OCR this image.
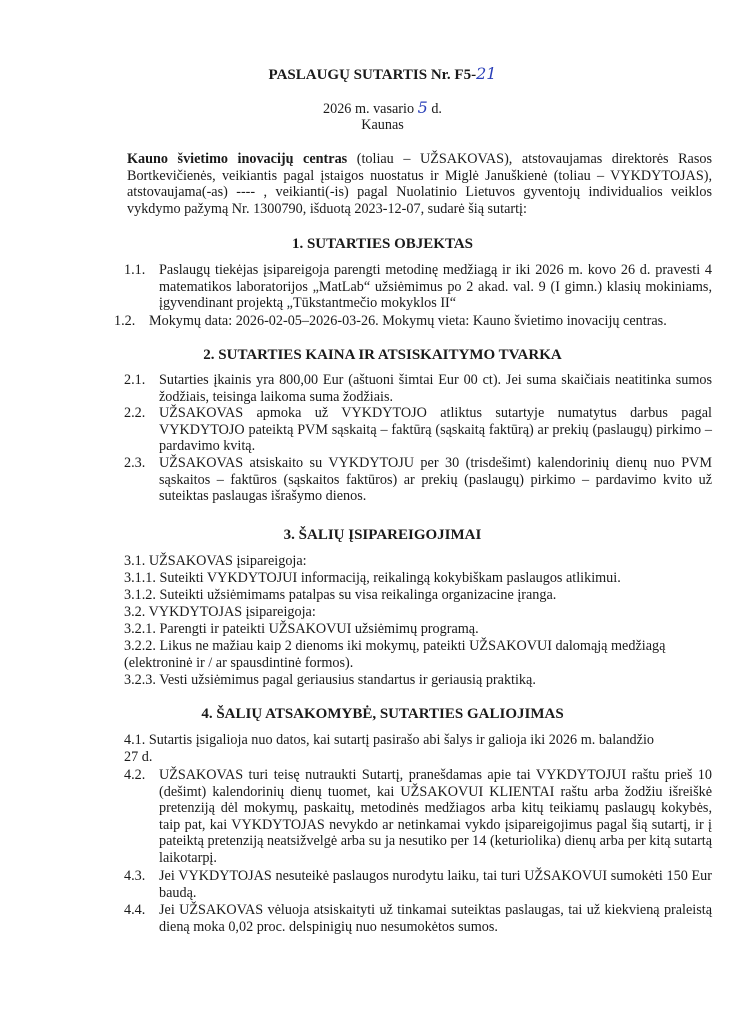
PASLAUGŲ SUTARTIS Nr. F5-21
2026 m. vasario 5 d.
Kaunas
Kauno švietimo inovacijų centras (toliau – UŽSAKOVAS), atstovaujamas direktorės Rasos Bortkevičienės, veikiantis pagal įstaigos nuostatus ir Miglė Januškienė (toliau – VYKDYTOJAS), atstovaujama(-as) ---- , veikianti(-is) pagal Nuolatinio Lietuvos gyventojų individualios veiklos vykdymo pažymą Nr. 1300790, išduotą 2023-12-07, sudarė šią sutartį:
1. SUTARTIES OBJEKTAS
1.1. Paslaugų tiekėjas įsipareigoja parengti metodinę medžiagą ir iki 2026 m. kovo 26 d. pravesti 4 matematikos laboratorijos „MatLab“ užsiėmimus po 2 akad. val. 9 (I gimn.) klasių mokiniams, įgyvendinant projektą „Tūkstantmečio mokyklos II“
1.2. Mokymų data: 2026-02-05–2026-03-26. Mokymų vieta: Kauno švietimo inovacijų centras.
2. SUTARTIES KAINA IR ATSISKAITYMO TVARKA
2.1. Sutarties įkainis yra 800,00 Eur (aštuoni šimtai Eur 00 ct). Jei suma skaičiais neatitinka sumos žodžiais, teisinga laikoma suma žodžiais.
2.2. UŽSAKOVAS apmoka už VYKDYTOJO atliktus sutartyje numatytus darbus pagal VYKDYTOJO pateiktą PVM sąskaitą – faktūrą (sąskaitą faktūrą) ar prekių (paslaugų) pirkimo – pardavimo kvitą.
2.3. UŽSAKOVAS atsiskaito su VYKDYTOJU per 30 (trisdešimt) kalendorinių dienų nuo PVM sąskaitos – faktūros (sąskaitos faktūros) ar prekių (paslaugų) pirkimo – pardavimo kvito už suteiktas paslaugas išrašymo dienos.
3. ŠALIŲ ĮSIPAREIGOJIMAI
3.1. UŽSAKOVAS įsipareigoja:
3.1.1. Suteikti VYKDYTOJUI informaciją, reikalingą kokybiškam paslaugos atlikimui.
3.1.2. Suteikti užsiėmimams patalpas su visa reikalinga organizacine įranga.
3.2. VYKDYTOJAS įsipareigoja:
3.2.1. Parengti ir pateikti UŽSAKOVUI užsiėmimų programą.
3.2.2. Likus ne mažiau kaip 2 dienoms iki mokymų, pateikti UŽSAKOVUI dalomąją medžiagą
(elektroninė ir / ar spausdintinė formos).
3.2.3. Vesti užsiėmimus pagal geriausius standartus ir geriausią praktiką.
4. ŠALIŲ ATSAKOMYBĖ, SUTARTIES GALIOJIMAS
4.1. Sutartis įsigalioja nuo datos, kai sutartį pasirašo abi šalys ir galioja iki 2026 m. balandžio
27 d.
4.2. UŽSAKOVAS turi teisę nutraukti Sutartį, pranešdamas apie tai VYKDYTOJUI raštu prieš 10 (dešimt) kalendorinių dienų tuomet, kai UŽSAKOVUI KLIENTAI raštu arba žodžiu išreiškė pretenziją dėl mokymų, paskaitų, metodinės medžiagos arba kitų teikiamų paslaugų kokybės, taip pat, kai VYKDYTOJAS nevykdo ar netinkamai vykdo įsipareigojimus pagal šią sutartį, ir į pateiktą pretenziją neatsižvelgė arba su ja nesutiko per 14 (keturiolika) dienų arba per kitą sutartą laikotarpį.
4.3. Jei VYKDYTOJAS nesuteikė paslaugos nurodytu laiku, tai turi UŽSAKOVUI sumokėti 150 Eur baudą.
4.4. Jei UŽSAKOVAS vėluoja atsiskaityti už tinkamai suteiktas paslaugas, tai už kiekvieną praleistą dieną moka 0,02 proc. delspinigių nuo nesumokėtos sumos.
